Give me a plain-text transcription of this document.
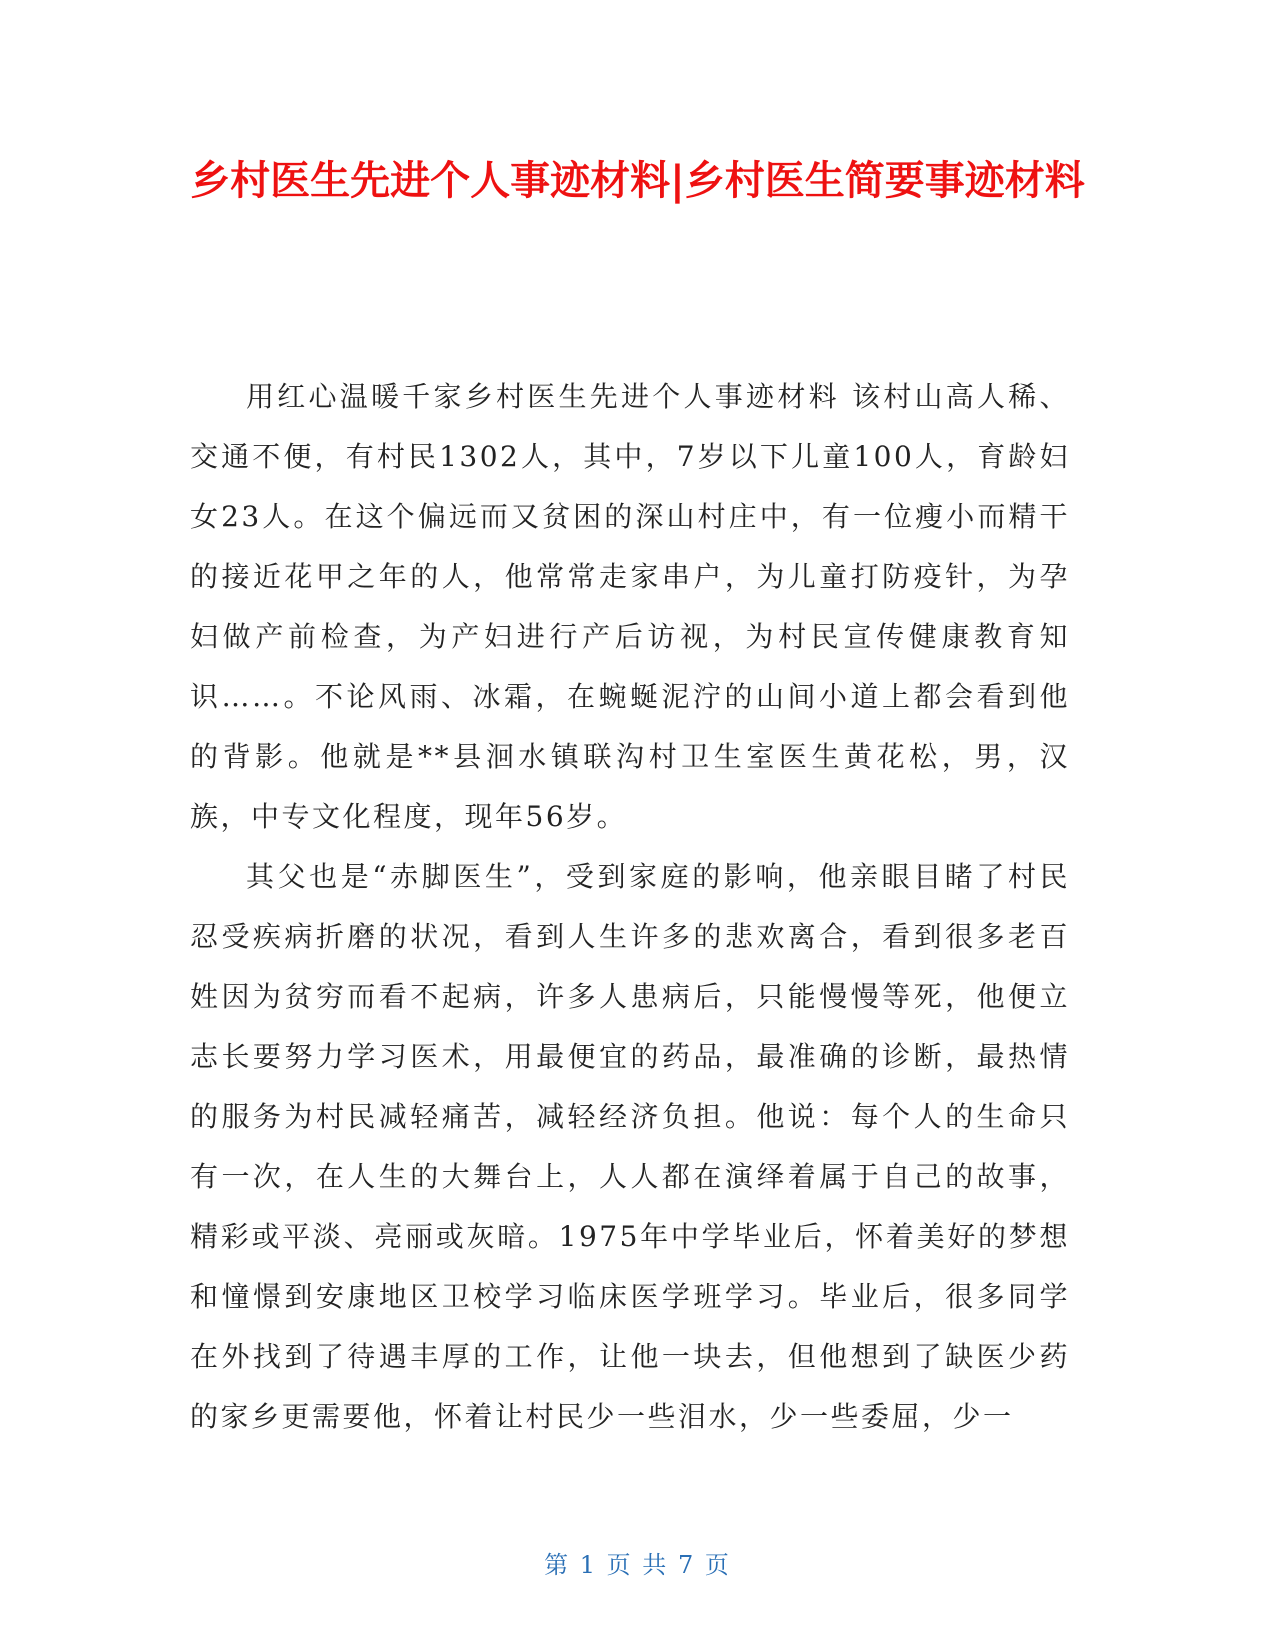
乡村医生先进个人事迹材料|乡村医生简要事迹材料

用红心温暖千家乡村医生先进个人事迹材料 该村山高人稀、交通不便，有村民1302人，其中，7岁以下儿童100人，育龄妇女23人。在这个偏远而又贫困的深山村庄中，有一位瘦小而精干的接近花甲之年的人，他常常走家串户，为儿童打防疫针，为孕妇做产前检查，为产妇进行产后访视，为村民宣传健康教育知识……。不论风雨、冰霜，在蜿蜒泥泞的山间小道上都会看到他的背影。他就是**县洄水镇联沟村卫生室医生黄花松，男，汉族，中专文化程度，现年56岁。

其父也是“赤脚医生”，受到家庭的影响，他亲眼目睹了村民忍受疾病折磨的状况，看到人生许多的悲欢离合，看到很多老百姓因为贫穷而看不起病，许多人患病后，只能慢慢等死，他便立志长要努力学习医术，用最便宜的药品，最准确的诊断，最热情的服务为村民减轻痛苦，减轻经济负担。他说：每个人的生命只有一次，在人生的大舞台上，人人都在演绎着属于自己的故事，精彩或平淡、亮丽或灰暗。1975年中学毕业后，怀着美好的梦想和憧憬到安康地区卫校学习临床医学班学习。毕业后，很多同学在外找到了待遇丰厚的工作，让他一块去，但他想到了缺医少药的家乡更需要他，怀着让村民少一些泪水，少一些委屈，少一

第 1 页 共 7 页
